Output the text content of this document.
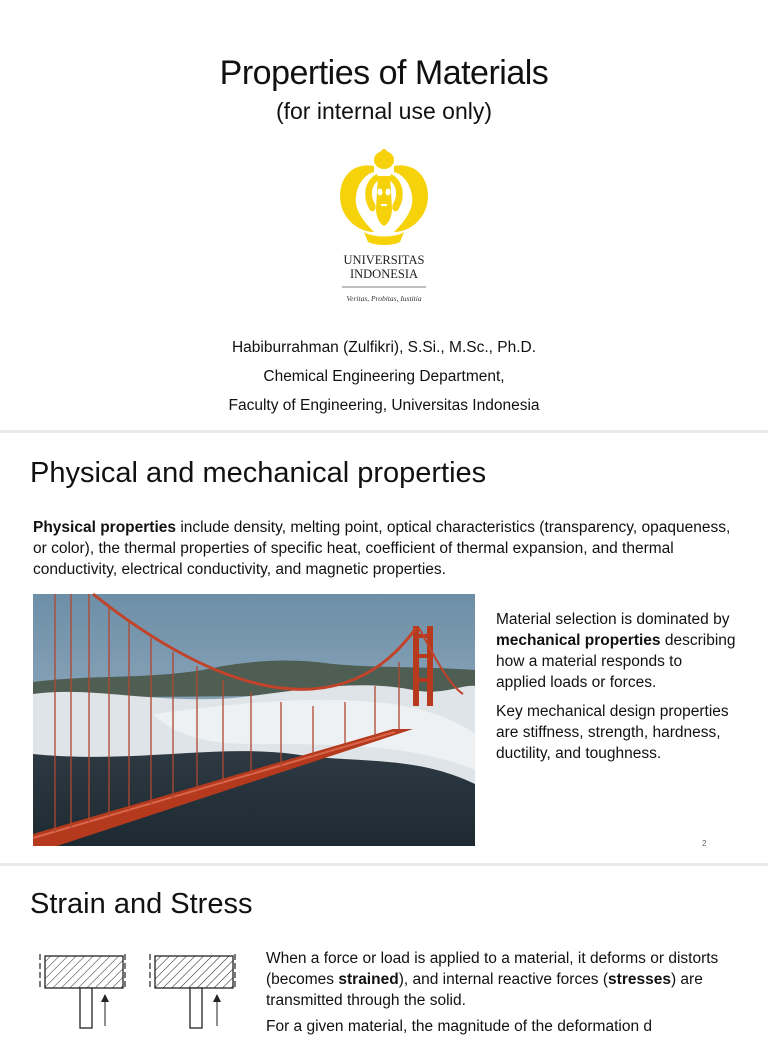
Properties of Materials
(for internal use only)
UNIVERSITAS
INDONESIA
Veritas, Probitas, Iustitia
Habiburrahman (Zulfikri), S.Si., M.Sc., Ph.D.
Chemical Engineering Department,
Faculty of Engineering, Universitas Indonesia
Physical and mechanical properties
Physical properties include density, melting point, optical characteristics (transparency, opaqueness, or color), the thermal properties of specific heat, coefficient of thermal expansion, and thermal conductivity, electrical conductivity, and magnetic properties.

Material selection is dominated by mechanical properties describing how a material responds to applied loads or forces.

Key mechanical design properties are stiffness, strength, hardness, ductility, and toughness.

2
Strain and Stress
When a force or load is applied to a material, it deforms or distorts (becomes strained), and internal reactive forces (stresses) are transmitted through the solid.
For a given material, the magnitude of the deformation d
